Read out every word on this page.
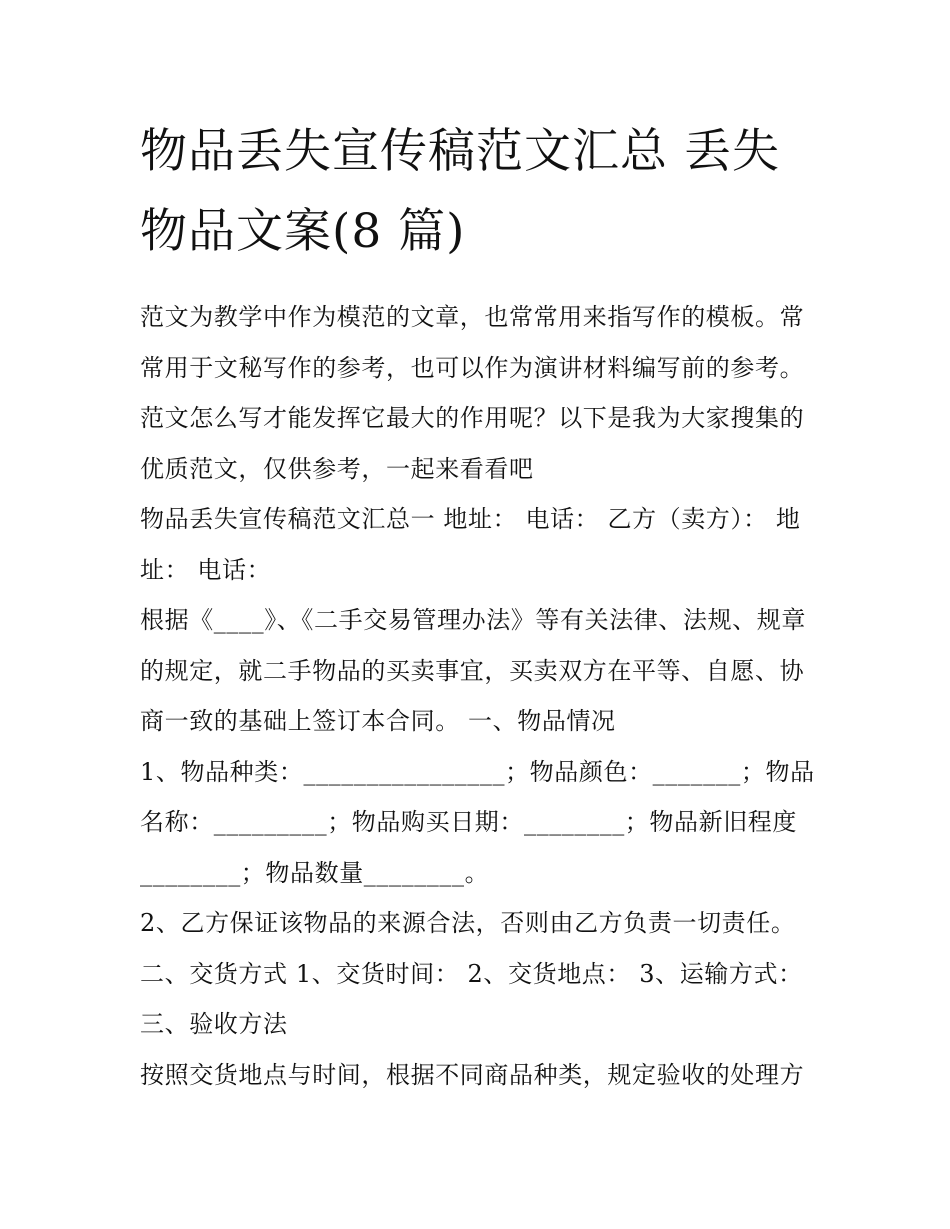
物品丢失宣传稿范文汇总 丢失
物品文案(8 篇)

范文为教学中作为模范的文章，也常常用来指写作的模板。常常用于文秘写作的参考，也可以作为演讲材料编写前的参考。范文怎么写才能发挥它最大的作用呢？以下是我为大家搜集的优质范文，仅供参考，一起来看看吧

物品丢失宣传稿范文汇总一 地址： 电话： 乙方（卖方）： 地址： 电话：

根据《____》、《二手交易管理办法》等有关法律、法规、规章的规定，就二手物品的买卖事宜，买卖双方在平等、自愿、协商一致的基础上签订本合同。 一、物品情况

1、物品种类：________________；物品颜色：_______；物品名称：_________；物品购买日期：________；物品新旧程度________；物品数量________。

2、乙方保证该物品的来源合法，否则由乙方负责一切责任。

二、交货方式 1、交货时间： 2、交货地点： 3、运输方式：

三、验收方法

按照交货地点与时间，根据不同商品种类，规定验收的处理方
